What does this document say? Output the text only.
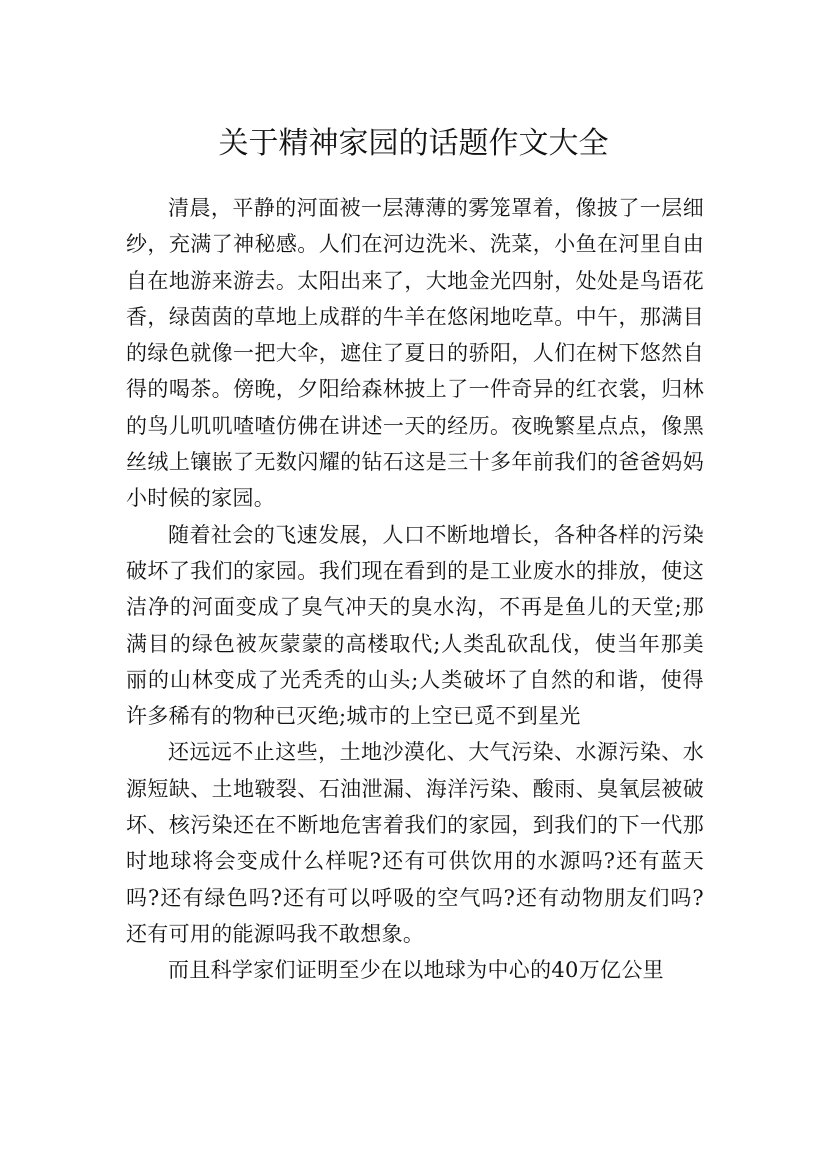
关于精神家园的话题作文大全

清晨，平静的河面被一层薄薄的雾笼罩着，像披了一层细纱，充满了神秘感。人们在河边洗米、洗菜，小鱼在河里自由自在地游来游去。太阳出来了，大地金光四射，处处是鸟语花香，绿茵茵的草地上成群的牛羊在悠闲地吃草。中午，那满目的绿色就像一把大伞，遮住了夏日的骄阳，人们在树下悠然自得的喝茶。傍晚，夕阳给森林披上了一件奇异的红衣裳，归林的鸟儿叽叽喳喳仿佛在讲述一天的经历。夜晚繁星点点，像黑丝绒上镶嵌了无数闪耀的钻石这是三十多年前我们的爸爸妈妈小时候的家园。

随着社会的飞速发展，人口不断地增长，各种各样的污染破坏了我们的家园。我们现在看到的是工业废水的排放，使这洁净的河面变成了臭气冲天的臭水沟，不再是鱼儿的天堂;那满目的绿色被灰蒙蒙的高楼取代;人类乱砍乱伐，使当年那美丽的山林变成了光秃秃的山头;人类破坏了自然的和谐，使得许多稀有的物种已灭绝;城市的上空已觅不到星光

还远远不止这些，土地沙漠化、大气污染、水源污染、水源短缺、土地皲裂、石油泄漏、海洋污染、酸雨、臭氧层被破坏、核污染还在不断地危害着我们的家园，到我们的下一代那时地球将会变成什么样呢?还有可供饮用的水源吗?还有蓝天吗?还有绿色吗?还有可以呼吸的空气吗?还有动物朋友们吗?还有可用的能源吗我不敢想象。

而且科学家们证明至少在以地球为中心的40万亿公里
